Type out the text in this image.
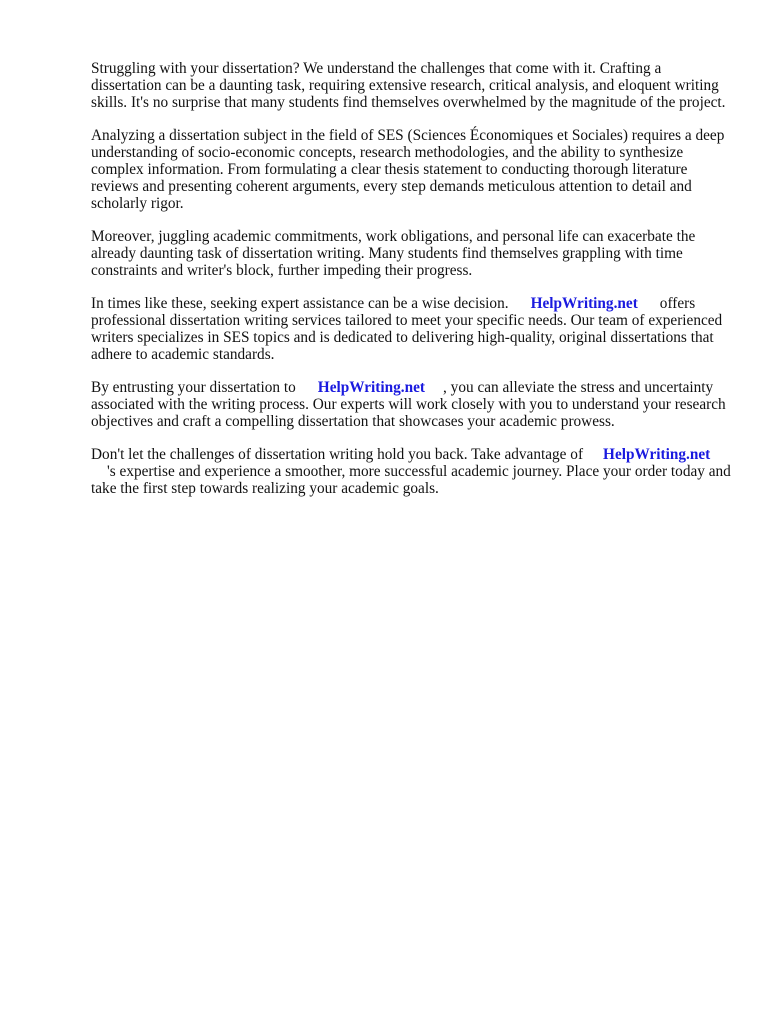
Struggling with your dissertation? We understand the challenges that come with it. Crafting a dissertation can be a daunting task, requiring extensive research, critical analysis, and eloquent writing skills. It's no surprise that many students find themselves overwhelmed by the magnitude of the project.

Analyzing a dissertation subject in the field of SES (Sciences Économiques et Sociales) requires a deep understanding of socio-economic concepts, research methodologies, and the ability to synthesize complex information. From formulating a clear thesis statement to conducting thorough literature reviews and presenting coherent arguments, every step demands meticulous attention to detail and scholarly rigor.

Moreover, juggling academic commitments, work obligations, and personal life can exacerbate the already daunting task of dissertation writing. Many students find themselves grappling with time constraints and writer's block, further impeding their progress.

In times like these, seeking expert assistance can be a wise decision. HelpWriting.net offers professional dissertation writing services tailored to meet your specific needs. Our team of experienced writers specializes in SES topics and is dedicated to delivering high-quality, original dissertations that adhere to academic standards.

By entrusting your dissertation to HelpWriting.net , you can alleviate the stress and uncertainty associated with the writing process. Our experts will work closely with you to understand your research objectives and craft a compelling dissertation that showcases your academic prowess.

Don't let the challenges of dissertation writing hold you back. Take advantage of HelpWriting.net
's expertise and experience a smoother, more successful academic journey. Place your order today and take the first step towards realizing your academic goals.
